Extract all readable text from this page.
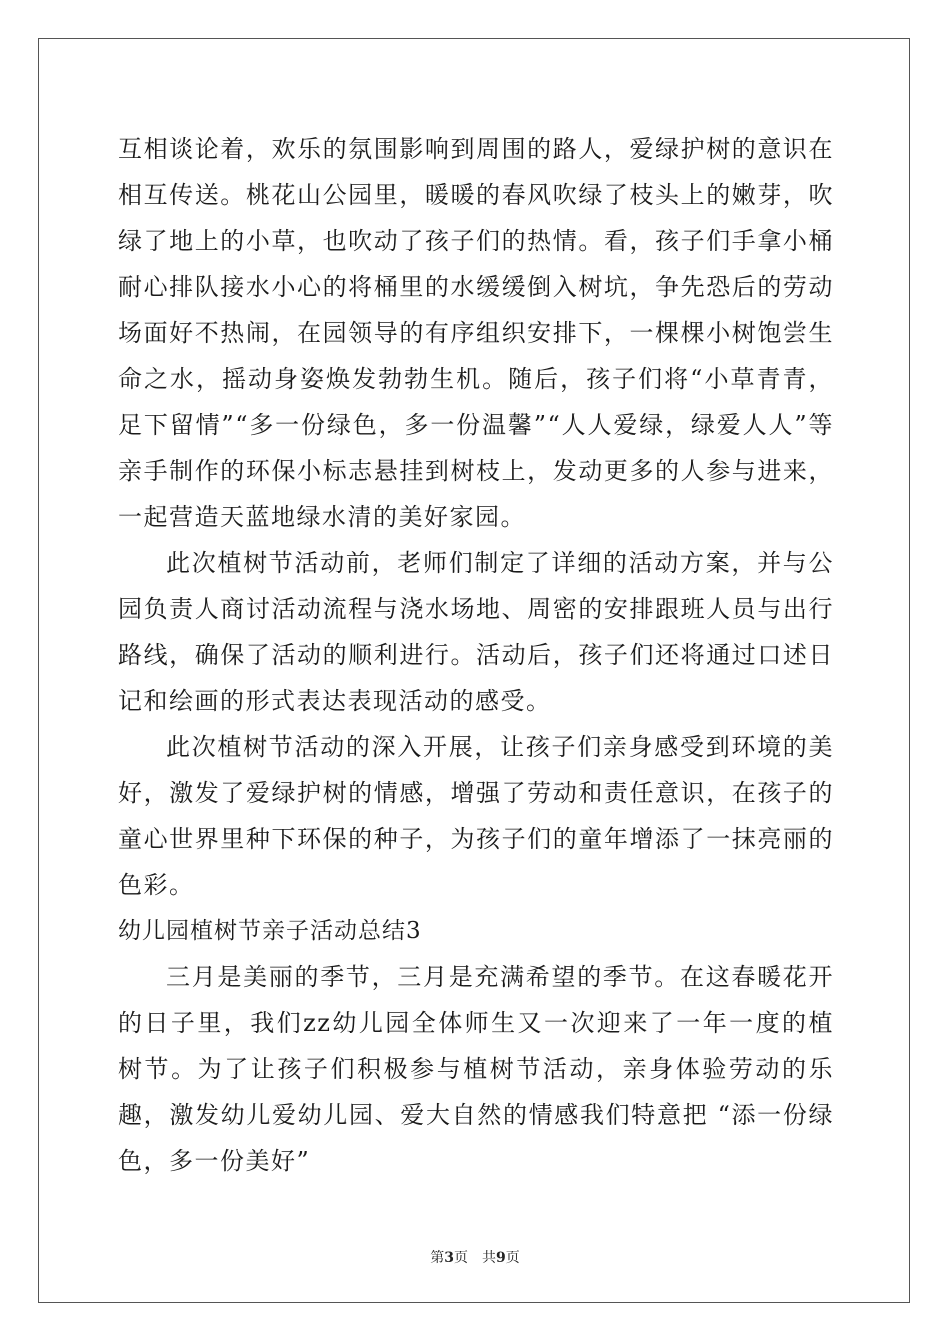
互相谈论着，欢乐的氛围影响到周围的路人，爱绿护树的意识在相互传送。桃花山公园里，暖暖的春风吹绿了枝头上的嫩芽，吹绿了地上的小草，也吹动了孩子们的热情。看，孩子们手拿小桶耐心排队接水小心的将桶里的水缓缓倒入树坑，争先恐后的劳动场面好不热闹，在园领导的有序组织安排下，一棵棵小树饱尝生命之水，摇动身姿焕发勃勃生机。随后，孩子们将“小草青青，足下留情”“多一份绿色，多一份温馨”“人人爱绿，绿爱人人”等亲手制作的环保小标志悬挂到树枝上，发动更多的人参与进来，一起营造天蓝地绿水清的美好家园。

此次植树节活动前，老师们制定了详细的活动方案，并与公园负责人商讨活动流程与浇水场地、周密的安排跟班人员与出行路线，确保了活动的顺利进行。活动后，孩子们还将通过口述日记和绘画的形式表达表现活动的感受。

此次植树节活动的深入开展，让孩子们亲身感受到环境的美好，激发了爱绿护树的情感，增强了劳动和责任意识，在孩子的童心世界里种下环保的种子，为孩子们的童年增添了一抹亮丽的色彩。

幼儿园植树节亲子活动总结3

三月是美丽的季节，三月是充满希望的季节。在这春暖花开的日子里，我们zz幼儿园全体师生又一次迎来了一年一度的植树节。为了让孩子们积极参与植树节活动，亲身体验劳动的乐趣，激发幼儿爱幼儿园、爱大自然的情感我们特意把 “添一份绿色，多一份美好”

第3页　共9页
